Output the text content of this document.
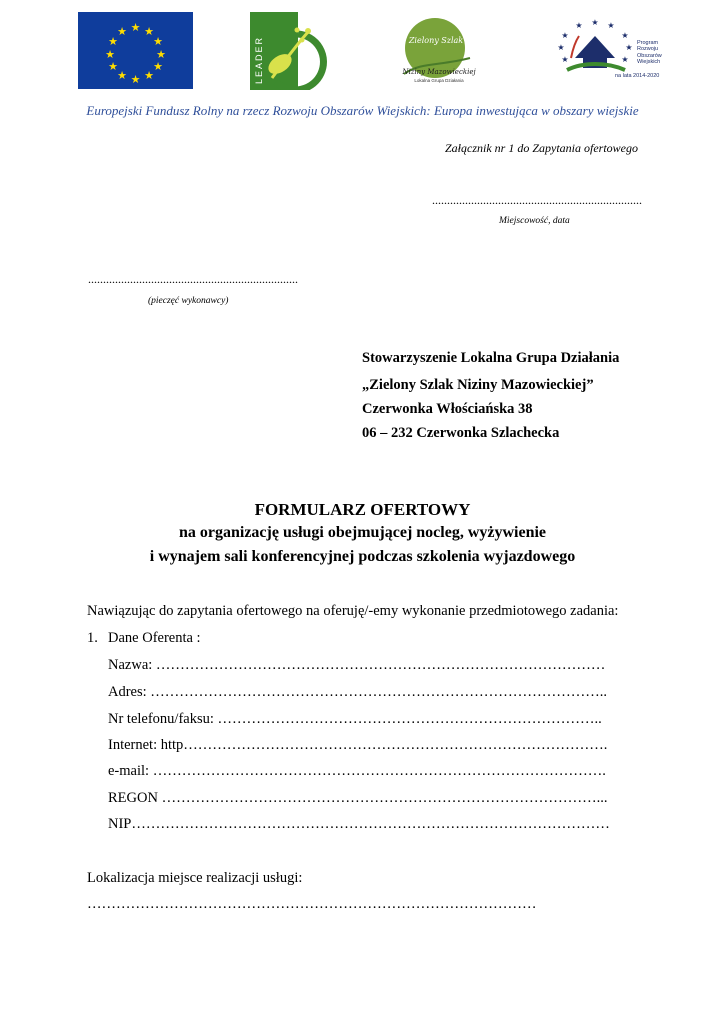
★ ★
★
★
★
★
★
★
★
★
★
★
LEADER	Zielony Szlak
Niziny Mazowieckiej
Lokalna Grupa Działania
★
★
★
★ ★ ★
★
★
★
Program
Rozwoju
Obszarów
Wiejskich
na lata 2014-2020
Europejski Fundusz Rolny na rzecz Rozwoju Obszarów Wiejskich: Europa inwestująca w obszary wiejskie
Załącznik nr 1 do Zapytania ofertowego
......................................................................
Miejscowość, data
......................................................................
(pieczęć wykonawcy)
Stowarzyszenie Lokalna Grupa Działania
„Zielony Szlak Niziny Mazowieckiej”
Czerwonka Włościańska 38
06 – 232 Czerwonka Szlachecka
FORMULARZ OFERTOWY
na organizację usługi obejmującej nocleg, wyżywienie
i wynajem sali konferencyjnej podczas szkolenia wyjazdowego
Nawiązując do zapytania ofertowego na oferuję/-emy wykonanie przedmiotowego zadania:
1. Dane Oferenta :
Nazwa: …………………………………………………………………………………
Adres: …………………………………………………………………………………..
Nr telefonu/faksu: ……………………………………………………………………..
Internet: http…………………………………………………………………………….
e-mail: ………………………………………………………………………………….
REGON ………………………………………………………………………………...
NIP………………………………………………………………………………………
Lokalizacja miejsce realizacji usługi:
…………………………………………………………………………………
